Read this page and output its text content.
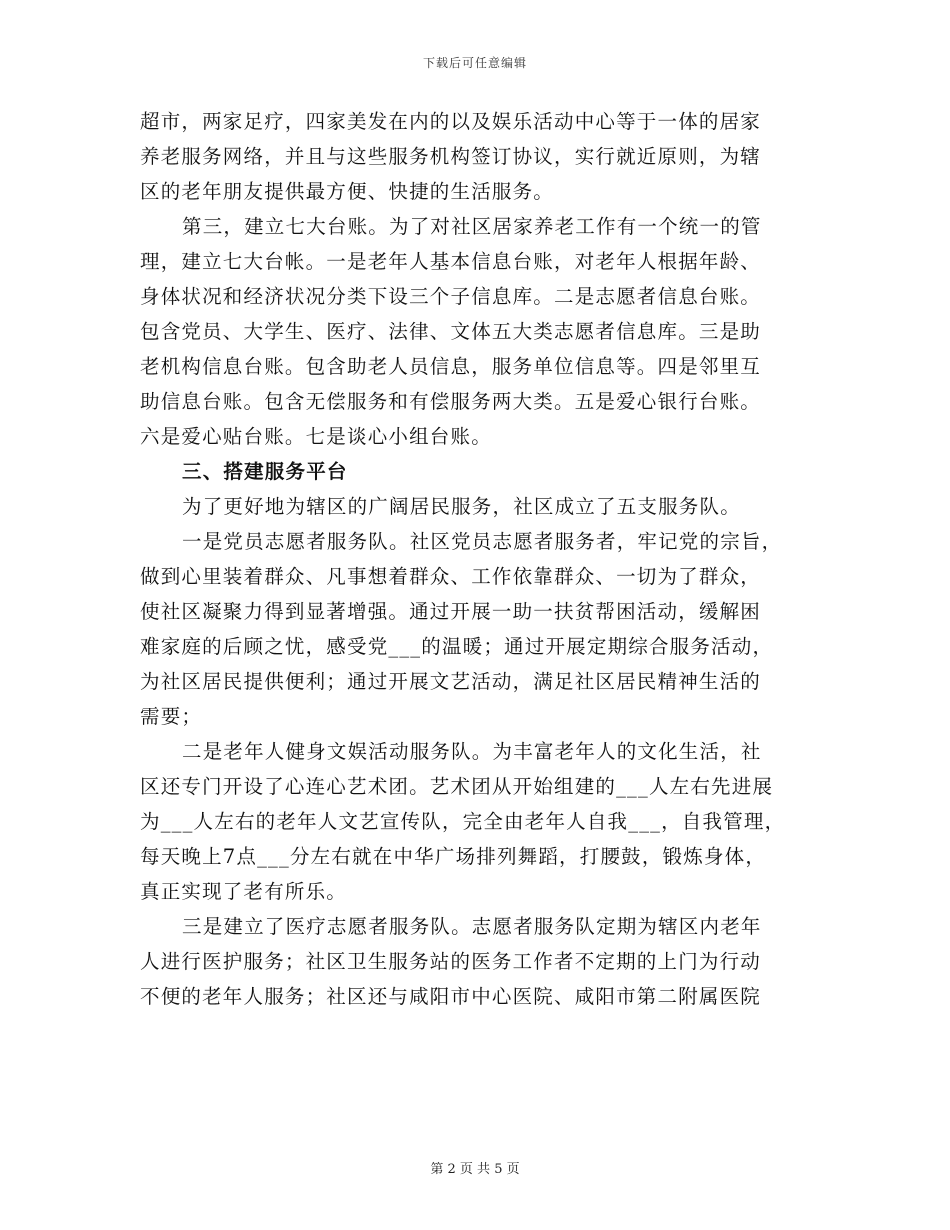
下载后可任意编辑
超市，两家足疗，四家美发在内的以及娱乐活动中心等于一体的居家
养老服务网络，并且与这些服务机构签订协议，实行就近原则，为辖
区的老年朋友提供最方便、快捷的生活服务。
第三，建立七大台账。为了对社区居家养老工作有一个统一的管
理，建立七大台帐。一是老年人基本信息台账，对老年人根据年龄、
身体状况和经济状况分类下设三个子信息库。二是志愿者信息台账。
包含党员、大学生、医疗、法律、文体五大类志愿者信息库。三是助
老机构信息台账。包含助老人员信息，服务单位信息等。四是邻里互
助信息台账。包含无偿服务和有偿服务两大类。五是爱心银行台账。
六是爱心贴台账。七是谈心小组台账。
三、搭建服务平台
为了更好地为辖区的广阔居民服务，社区成立了五支服务队。
一是党员志愿者服务队。社区党员志愿者服务者，牢记党的宗旨，
做到心里装着群众、凡事想着群众、工作依靠群众、一切为了群众，
使社区凝聚力得到显著增强。通过开展一助一扶贫帮困活动，缓解困
难家庭的后顾之忧，感受党___的温暖；通过开展定期综合服务活动，
为社区居民提供便利；通过开展文艺活动，满足社区居民精神生活的
需要；
二是老年人健身文娱活动服务队。为丰富老年人的文化生活，社
区还专门开设了心连心艺术团。艺术团从开始组建的___人左右先进展
为___人左右的老年人文艺宣传队，完全由老年人自我___，自我管理，
每天晚上7点___分左右就在中华广场排列舞蹈，打腰鼓，锻炼身体，
真正实现了老有所乐。
三是建立了医疗志愿者服务队。志愿者服务队定期为辖区内老年
人进行医护服务；社区卫生服务站的医务工作者不定期的上门为行动
不便的老年人服务；社区还与咸阳市中心医院、咸阳市第二附属医院
第 2 页 共 5 页
